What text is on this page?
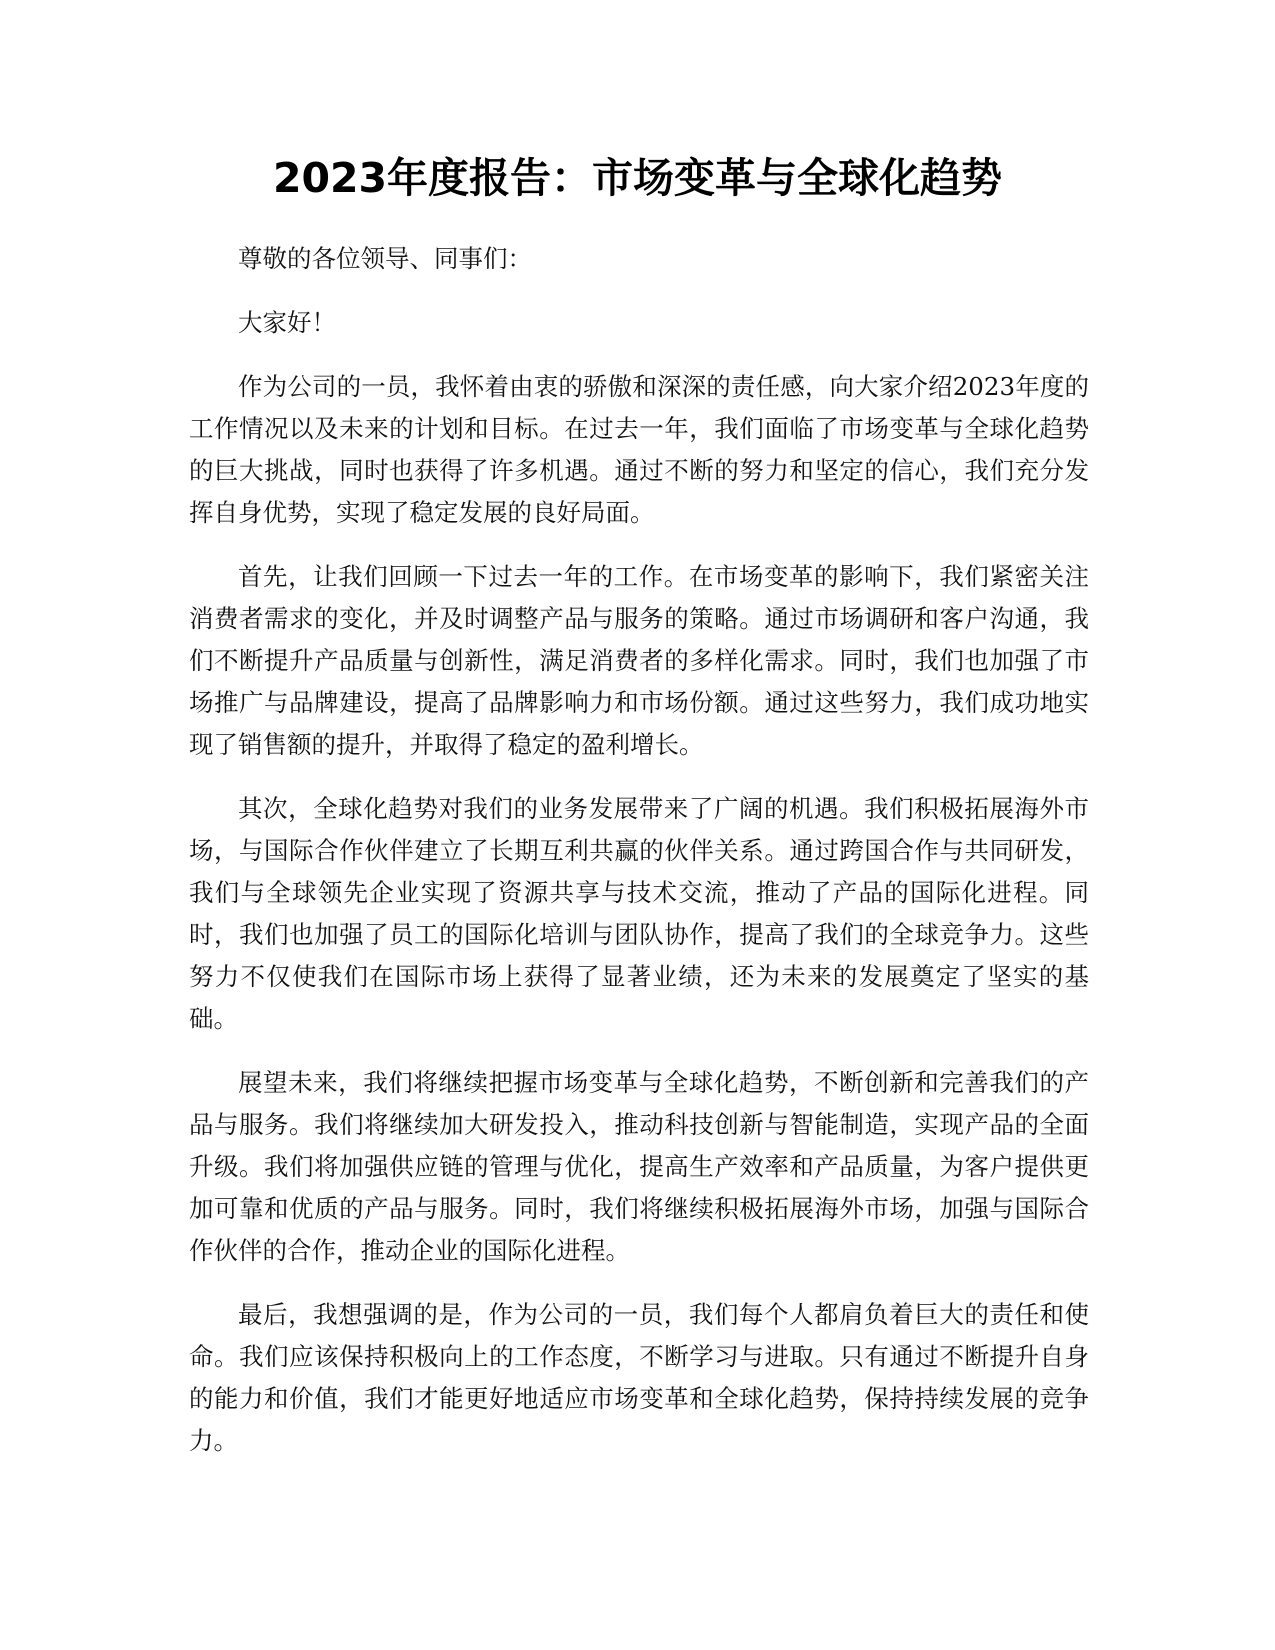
2023年度报告：市场变革与全球化趋势

尊敬的各位领导、同事们：

大家好！

作为公司的一员，我怀着由衷的骄傲和深深的责任感，向大家介绍2023年度的工作情况以及未来的计划和目标。在过去一年，我们面临了市场变革与全球化趋势的巨大挑战，同时也获得了许多机遇。通过不断的努力和坚定的信心，我们充分发挥自身优势，实现了稳定发展的良好局面。

首先，让我们回顾一下过去一年的工作。在市场变革的影响下，我们紧密关注消费者需求的变化，并及时调整产品与服务的策略。通过市场调研和客户沟通，我们不断提升产品质量与创新性，满足消费者的多样化需求。同时，我们也加强了市场推广与品牌建设，提高了品牌影响力和市场份额。通过这些努力，我们成功地实现了销售额的提升，并取得了稳定的盈利增长。

其次，全球化趋势对我们的业务发展带来了广阔的机遇。我们积极拓展海外市场，与国际合作伙伴建立了长期互利共赢的伙伴关系。通过跨国合作与共同研发，我们与全球领先企业实现了资源共享与技术交流，推动了产品的国际化进程。同时，我们也加强了员工的国际化培训与团队协作，提高了我们的全球竞争力。这些努力不仅使我们在国际市场上获得了显著业绩，还为未来的发展奠定了坚实的基础。

展望未来，我们将继续把握市场变革与全球化趋势，不断创新和完善我们的产品与服务。我们将继续加大研发投入，推动科技创新与智能制造，实现产品的全面升级。我们将加强供应链的管理与优化，提高生产效率和产品质量，为客户提供更加可靠和优质的产品与服务。同时，我们将继续积极拓展海外市场，加强与国际合作伙伴的合作，推动企业的国际化进程。

最后，我想强调的是，作为公司的一员，我们每个人都肩负着巨大的责任和使命。我们应该保持积极向上的工作态度，不断学习与进取。只有通过不断提升自身的能力和价值，我们才能更好地适应市场变革和全球化趋势，保持持续发展的竞争力。
